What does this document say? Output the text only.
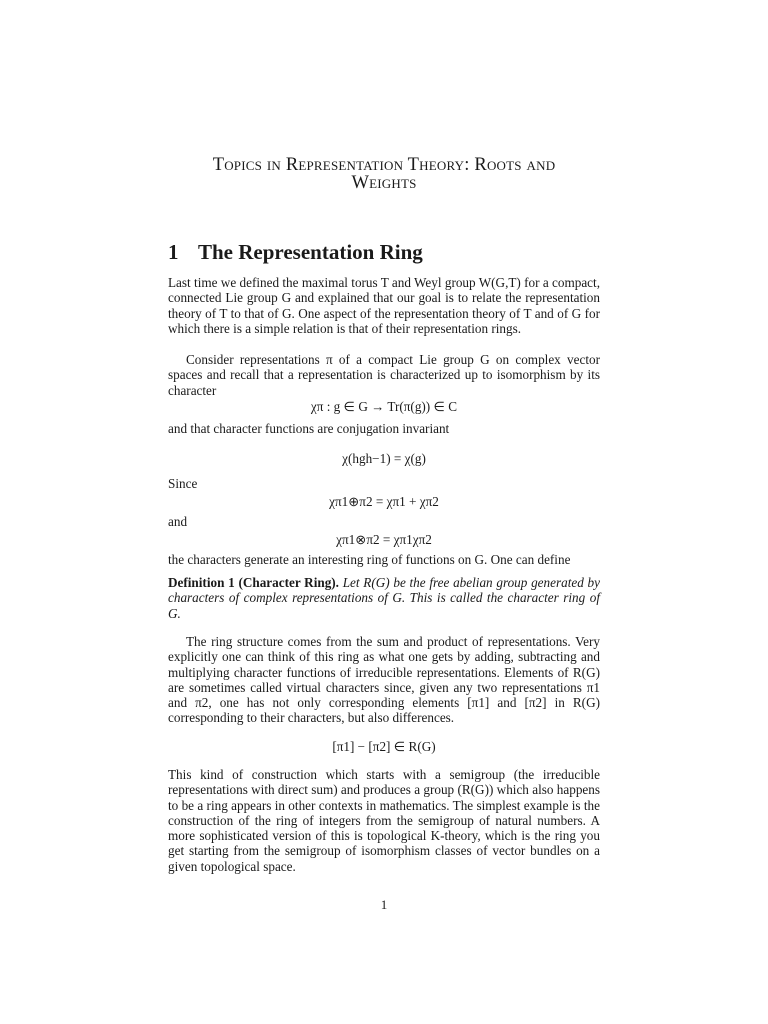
Topics in Representation Theory: Roots and
Weights
1 The Representation Ring
Last time we defined the maximal torus T and Weyl group W(G,T) for a compact, connected Lie group G and explained that our goal is to relate the representation theory of T to that of G. One aspect of the representation theory of T and of G for which there is a simple relation is that of their representation rings.
Consider representations π of a compact Lie group G on complex vector spaces and recall that a representation is characterized up to isomorphism by its character
χπ : g ∈ G → Tr(π(g)) ∈ C
and that character functions are conjugation invariant
χ(hgh−1) = χ(g)
Since
χπ1⊕π2 = χπ1 + χπ2
and
χπ1⊗π2 = χπ1χπ2
the characters generate an interesting ring of functions on G. One can define
Definition 1 (Character Ring). Let R(G) be the free abelian group generated by characters of complex representations of G. This is called the character ring of G.
The ring structure comes from the sum and product of representations. Very explicitly one can think of this ring as what one gets by adding, subtracting and multiplying character functions of irreducible representations. Elements of R(G) are sometimes called virtual characters since, given any two representations π1 and π2, one has not only corresponding elements [π1] and [π2] in R(G) corresponding to their characters, but also differences.
[π1] − [π2] ∈ R(G)
This kind of construction which starts with a semigroup (the irreducible representations with direct sum) and produces a group (R(G)) which also happens to be a ring appears in other contexts in mathematics. The simplest example is the construction of the ring of integers from the semigroup of natural numbers. A more sophisticated version of this is topological K-theory, which is the ring you get starting from the semigroup of isomorphism classes of vector bundles on a given topological space.
1
